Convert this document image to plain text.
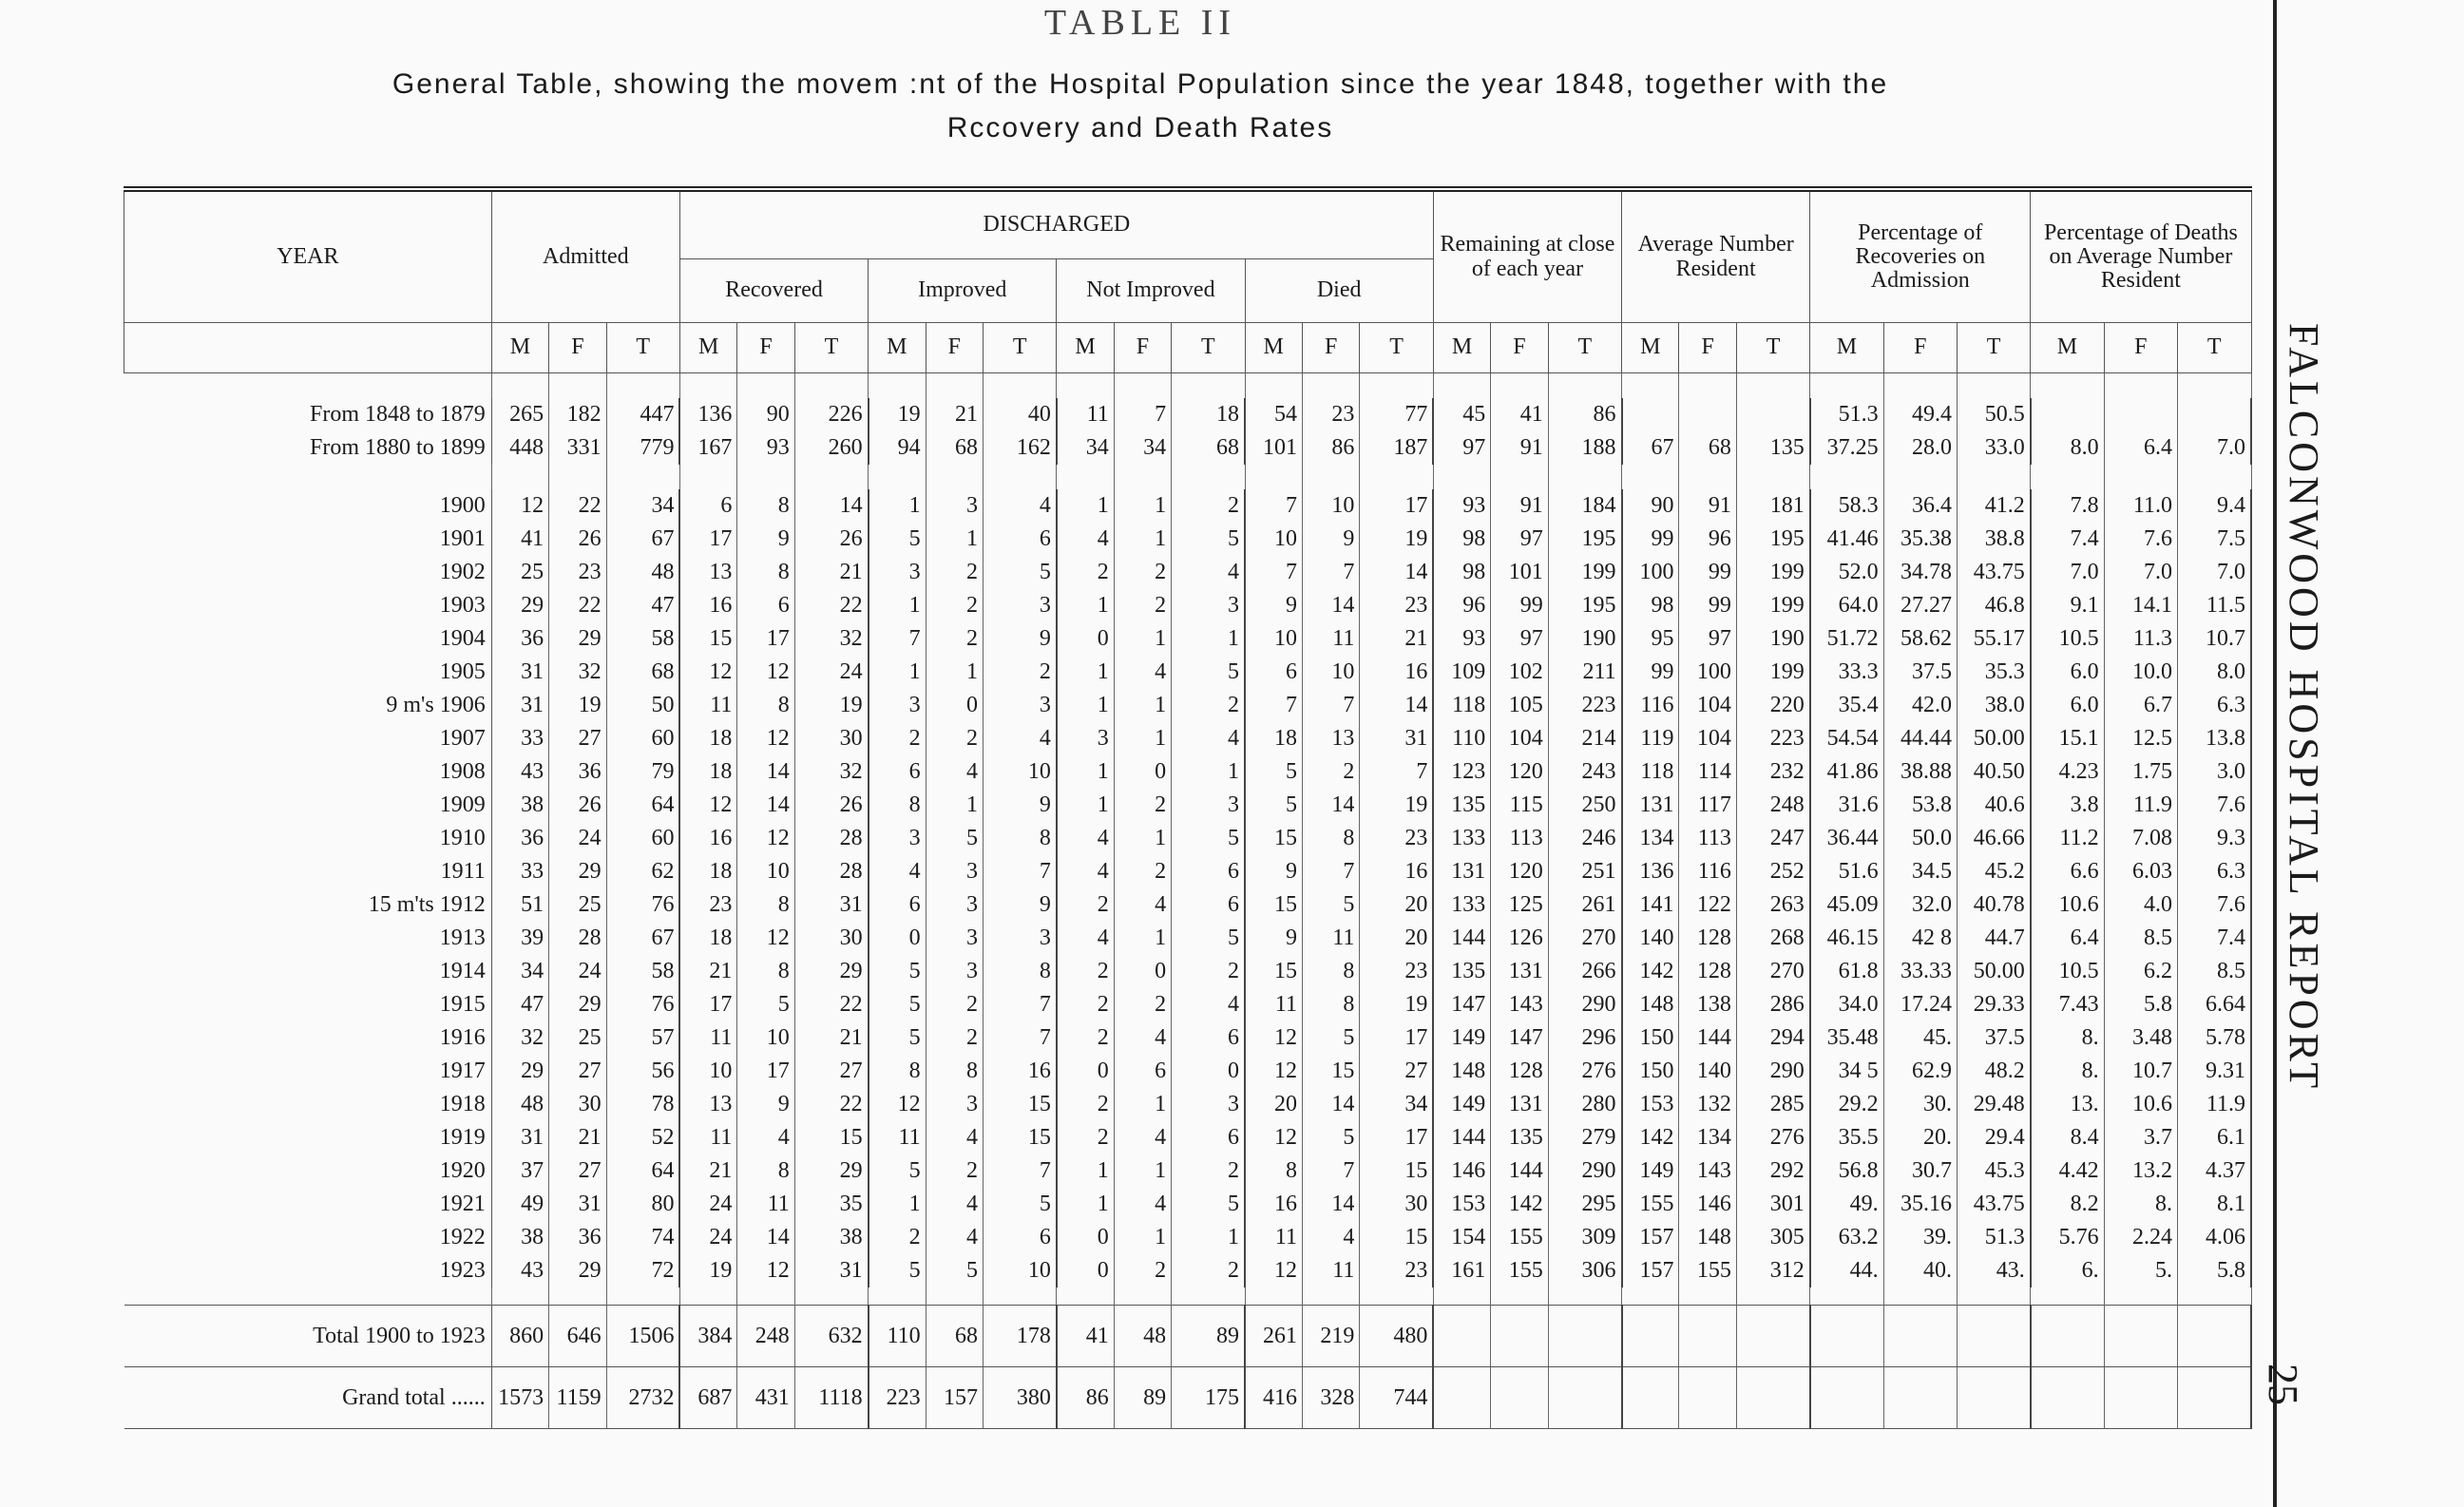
TABLE II
General Table, showing the movem :nt of the Hospital Population since the year 1848, together with the
Rccovery and Death Rates
YEAR	Admitted			DISCHARGED												Remaining at close of each year			Average Number Resident			Percentage of Recoveries on Admission			Percentage of Deaths on Average Number Resident		
				Recovered			Improved			Not Improved			Died														
	M	F	T	M	F	T	M	F	T	M	F	T	M	F	T	M	F	T	M	F	T	M	F	T	M	F	T

From 1848 to 1879	265	182	447	136	90	226	19	21	40	11	7	18	54	23	77	45	41	86				51.3	49.4	50.5			
From 1880 to 1899	448	331	779	167	93	260	94	68	162	34	34	68	101	86	187	97	91	188	67	68	135	37.25	28.0	33.0	8.0	6.4	7.0

1900	12	22	34	6	8	14	1	3	4	1	1	2	7	10	17	93	91	184	90	91	181	58.3	36.4	41.2	7.8	11.0	9.4
1901	41	26	67	17	9	26	5	1	6	4	1	5	10	9	19	98	97	195	99	96	195	41.46	35.38	38.8	7.4	7.6	7.5
1902	25	23	48	13	8	21	3	2	5	2	2	4	7	7	14	98	101	199	100	99	199	52.0	34.78	43.75	7.0	7.0	7.0
1903	29	22	47	16	6	22	1	2	3	1	2	3	9	14	23	96	99	195	98	99	199	64.0	27.27	46.8	9.1	14.1	11.5
1904	36	29	58	15	17	32	7	2	9	0	1	1	10	11	21	93	97	190	95	97	190	51.72	58.62	55.17	10.5	11.3	10.7
1905	31	32	68	12	12	24	1	1	2	1	4	5	6	10	16	109	102	211	99	100	199	33.3	37.5	35.3	6.0	10.0	8.0
9 m's 1906	31	19	50	11	8	19	3	0	3	1	1	2	7	7	14	118	105	223	116	104	220	35.4	42.0	38.0	6.0	6.7	6.3
1907	33	27	60	18	12	30	2	2	4	3	1	4	18	13	31	110	104	214	119	104	223	54.54	44.44	50.00	15.1	12.5	13.8
1908	43	36	79	18	14	32	6	4	10	1	0	1	5	2	7	123	120	243	118	114	232	41.86	38.88	40.50	4.23	1.75	3.0
1909	38	26	64	12	14	26	8	1	9	1	2	3	5	14	19	135	115	250	131	117	248	31.6	53.8	40.6	3.8	11.9	7.6
1910	36	24	60	16	12	28	3	5	8	4	1	5	15	8	23	133	113	246	134	113	247	36.44	50.0	46.66	11.2	7.08	9.3
1911	33	29	62	18	10	28	4	3	7	4	2	6	9	7	16	131	120	251	136	116	252	51.6	34.5	45.2	6.6	6.03	6.3
15 m'ts 1912	51	25	76	23	8	31	6	3	9	2	4	6	15	5	20	133	125	261	141	122	263	45.09	32.0	40.78	10.6	4.0	7.6
1913	39	28	67	18	12	30	0	3	3	4	1	5	9	11	20	144	126	270	140	128	268	46.15	42 8	44.7	6.4	8.5	7.4
1914	34	24	58	21	8	29	5	3	8	2	0	2	15	8	23	135	131	266	142	128	270	61.8	33.33	50.00	10.5	6.2	8.5
1915	47	29	76	17	5	22	5	2	7	2	2	4	11	8	19	147	143	290	148	138	286	34.0	17.24	29.33	7.43	5.8	6.64
1916	32	25	57	11	10	21	5	2	7	2	4	6	12	5	17	149	147	296	150	144	294	35.48	45.	37.5	8.	3.48	5.78
1917	29	27	56	10	17	27	8	8	16	0	6	0	12	15	27	148	128	276	150	140	290	34 5	62.9	48.2	8.	10.7	9.31
1918	48	30	78	13	9	22	12	3	15	2	1	3	20	14	34	149	131	280	153	132	285	29.2	30.	29.48	13.	10.6	11.9
1919	31	21	52	11	4	15	11	4	15	2	4	6	12	5	17	144	135	279	142	134	276	35.5	20.	29.4	8.4	3.7	6.1
1920	37	27	64	21	8	29	5	2	7	1	1	2	8	7	15	146	144	290	149	143	292	56.8	30.7	45.3	4.42	13.2	4.37
1921	49	31	80	24	11	35	1	4	5	1	4	5	16	14	30	153	142	295	155	146	301	49.	35.16	43.75	8.2	8.	8.1
1922	38	36	74	24	14	38	2	4	6	0	1	1	11	4	15	154	155	309	157	148	305	63.2	39.	51.3	5.76	2.24	4.06
1923	43	29	72	19	12	31	5	5	10	0	2	2	12	11	23	161	155	306	157	155	312	44.	40.	43.	6.	5.	5.8

Total 1900 to 1923	860	646	1506	384	248	632	110	68	178	41	48	89	261	219	480												
Grand total ......	1573	1159	2732	687	431	1118	223	157	380	86	89	175	416	328	744												
FALCONWOOD HOSPITAL REPORT
25
